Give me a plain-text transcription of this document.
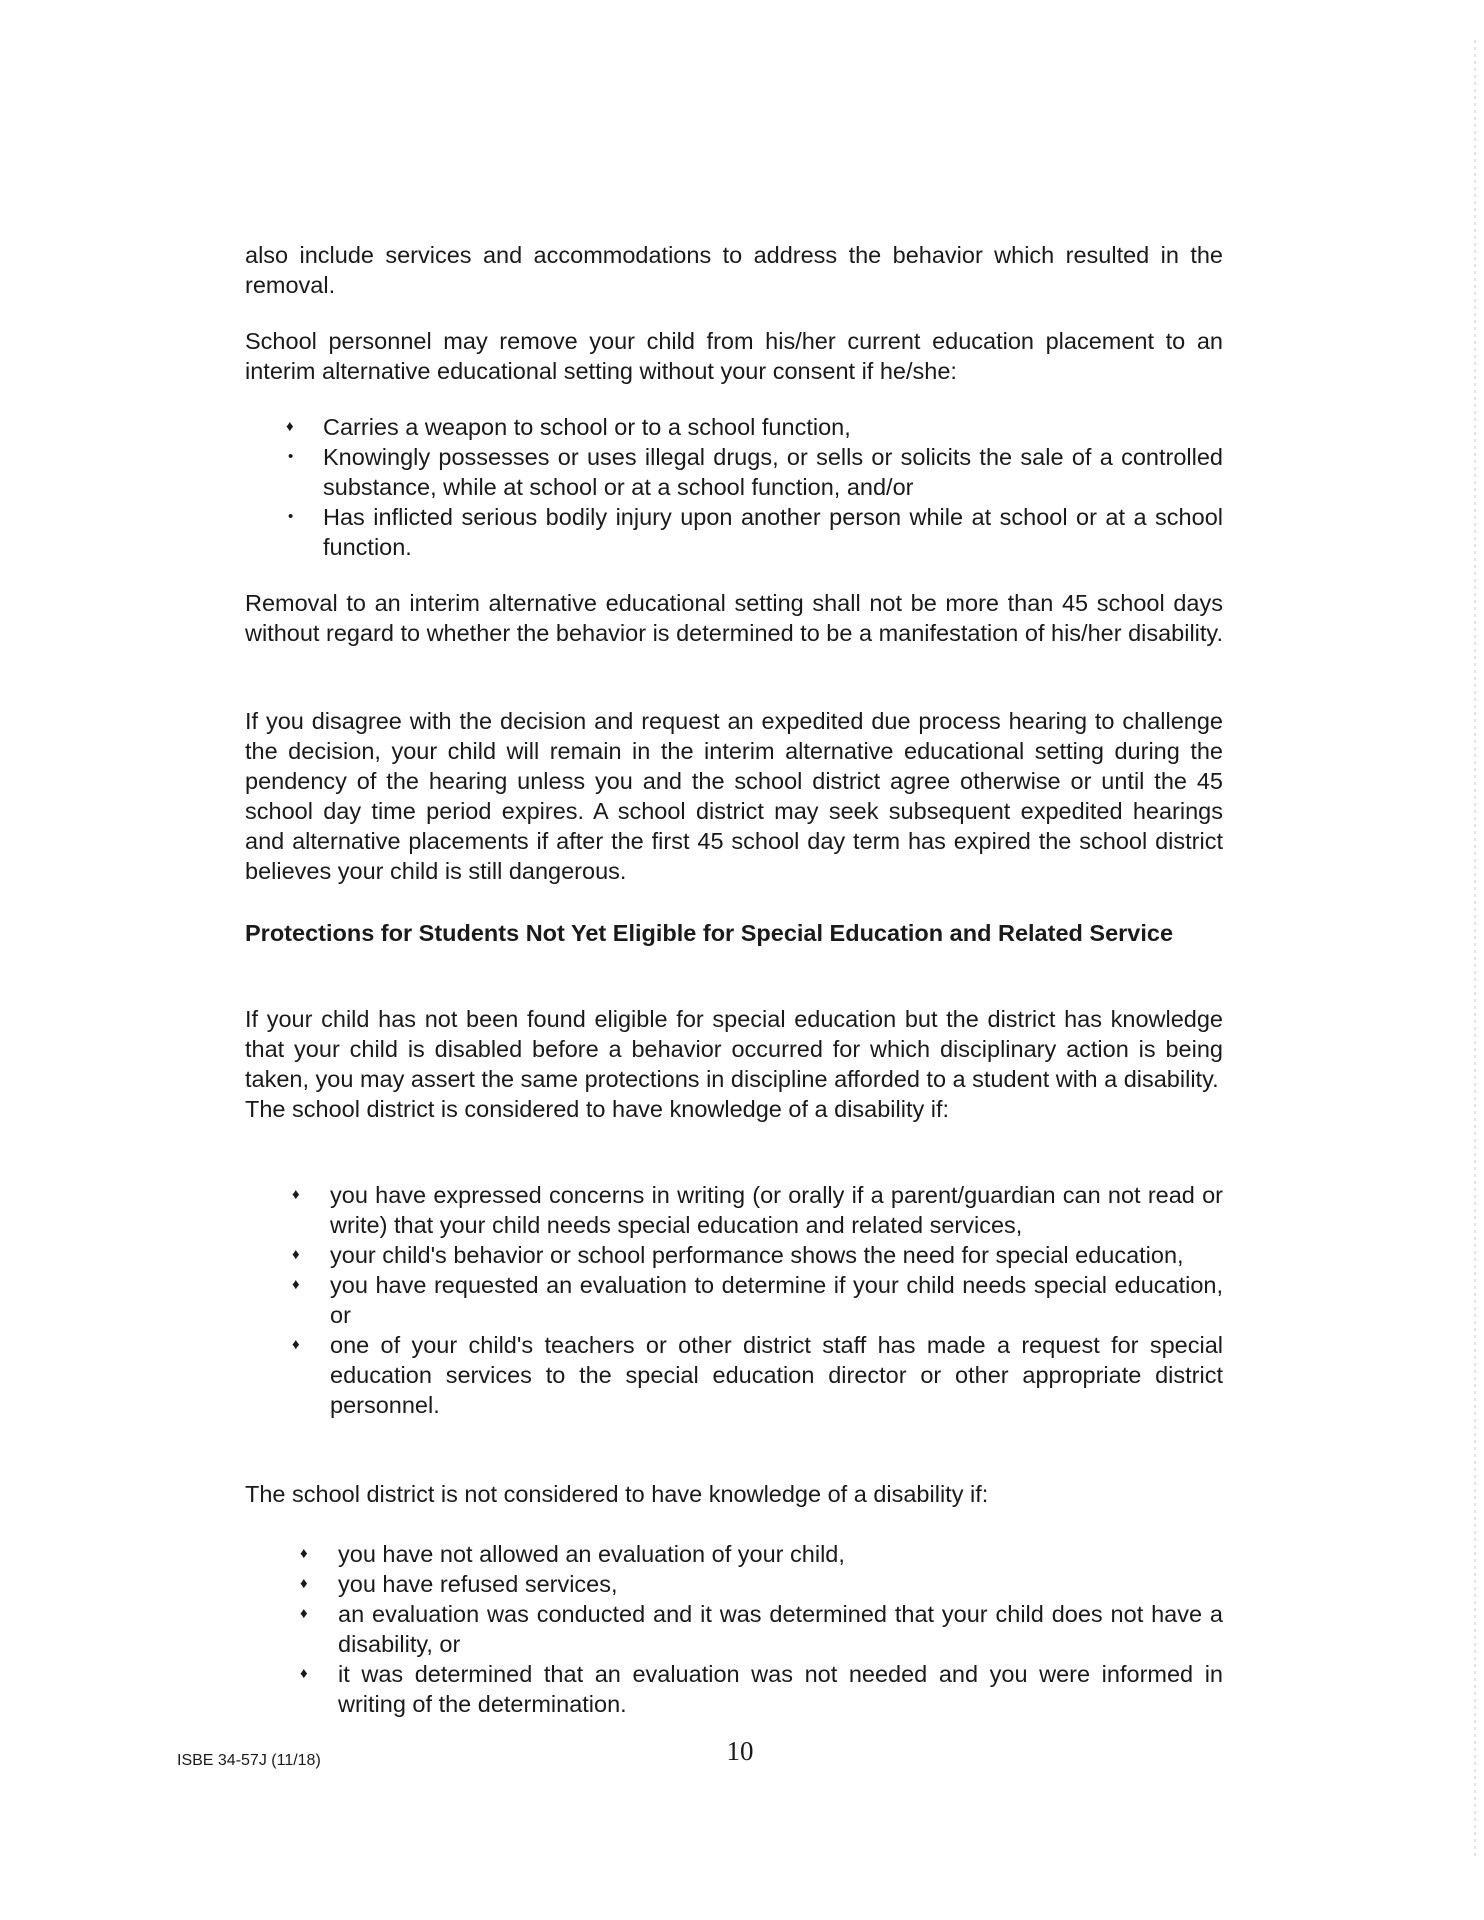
also include services and accommodations to address the behavior which resulted in the removal.

School personnel may remove your child from his/her current education placement to an interim alternative educational setting without your consent if he/she:

♦ Carries a weapon to school or to a school function,
• Knowingly possesses or uses illegal drugs, or sells or solicits the sale of a controlled substance, while at school or at a school function, and/or
• Has inflicted serious bodily injury upon another person while at school or at a school function.

Removal to an interim alternative educational setting shall not be more than 45 school days without regard to whether the behavior is determined to be a manifestation of his/her disability.

If you disagree with the decision and request an expedited due process hearing to challenge the decision, your child will remain in the interim alternative educational setting during the pendency of the hearing unless you and the school district agree otherwise or until the 45 school day time period expires. A school district may seek subsequent expedited hearings and alternative placements if after the first 45 school day term has expired the school district believes your child is still dangerous.

Protections for Students Not Yet Eligible for Special Education and Related Service

If your child has not been found eligible for special education but the district has knowledge that your child is disabled before a behavior occurred for which disciplinary action is being taken, you may assert the same protections in discipline afforded to a student with a disability.

The school district is considered to have knowledge of a disability if:

♦ you have expressed concerns in writing (or orally if a parent/guardian can not read or write) that your child needs special education and related services,
♦ your child's behavior or school performance shows the need for special education,
♦ you have requested an evaluation to determine if your child needs special education, or
♦ one of your child's teachers or other district staff has made a request for special education services to the special education director or other appropriate district personnel.

The school district is not considered to have knowledge of a disability if:

♦ you have not allowed an evaluation of your child,
♦ you have refused services,
♦ an evaluation was conducted and it was determined that your child does not have a disability, or
♦ it was determined that an evaluation was not needed and you were informed in writing of the determination.
ISBE 34-57J (11/18)	10
